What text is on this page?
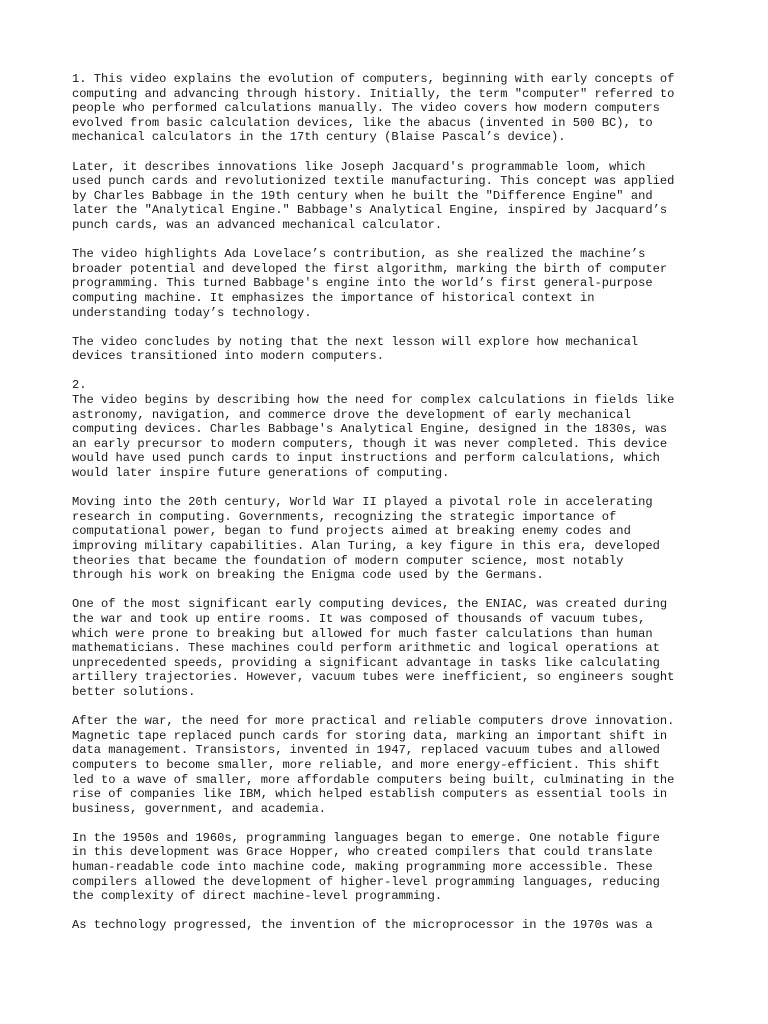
1. This video explains the evolution of computers, beginning with early concepts of
computing and advancing through history. Initially, the term "computer" referred to
people who performed calculations manually. The video covers how modern computers
evolved from basic calculation devices, like the abacus (invented in 500 BC), to
mechanical calculators in the 17th century (Blaise Pascal’s device).

Later, it describes innovations like Joseph Jacquard's programmable loom, which
used punch cards and revolutionized textile manufacturing. This concept was applied
by Charles Babbage in the 19th century when he built the "Difference Engine" and
later the "Analytical Engine." Babbage's Analytical Engine, inspired by Jacquard’s
punch cards, was an advanced mechanical calculator.

The video highlights Ada Lovelace’s contribution, as she realized the machine’s
broader potential and developed the first algorithm, marking the birth of computer
programming. This turned Babbage's engine into the world’s first general-purpose
computing machine. It emphasizes the importance of historical context in
understanding today’s technology.

The video concludes by noting that the next lesson will explore how mechanical
devices transitioned into modern computers.

2.
The video begins by describing how the need for complex calculations in fields like
astronomy, navigation, and commerce drove the development of early mechanical
computing devices. Charles Babbage's Analytical Engine, designed in the 1830s, was
an early precursor to modern computers, though it was never completed. This device
would have used punch cards to input instructions and perform calculations, which
would later inspire future generations of computing.

Moving into the 20th century, World War II played a pivotal role in accelerating
research in computing. Governments, recognizing the strategic importance of
computational power, began to fund projects aimed at breaking enemy codes and
improving military capabilities. Alan Turing, a key figure in this era, developed
theories that became the foundation of modern computer science, most notably
through his work on breaking the Enigma code used by the Germans.

One of the most significant early computing devices, the ENIAC, was created during
the war and took up entire rooms. It was composed of thousands of vacuum tubes,
which were prone to breaking but allowed for much faster calculations than human
mathematicians. These machines could perform arithmetic and logical operations at
unprecedented speeds, providing a significant advantage in tasks like calculating
artillery trajectories. However, vacuum tubes were inefficient, so engineers sought
better solutions.

After the war, the need for more practical and reliable computers drove innovation.
Magnetic tape replaced punch cards for storing data, marking an important shift in
data management. Transistors, invented in 1947, replaced vacuum tubes and allowed
computers to become smaller, more reliable, and more energy-efficient. This shift
led to a wave of smaller, more affordable computers being built, culminating in the
rise of companies like IBM, which helped establish computers as essential tools in
business, government, and academia.

In the 1950s and 1960s, programming languages began to emerge. One notable figure
in this development was Grace Hopper, who created compilers that could translate
human-readable code into machine code, making programming more accessible. These
compilers allowed the development of higher-level programming languages, reducing
the complexity of direct machine-level programming.

As technology progressed, the invention of the microprocessor in the 1970s was a
